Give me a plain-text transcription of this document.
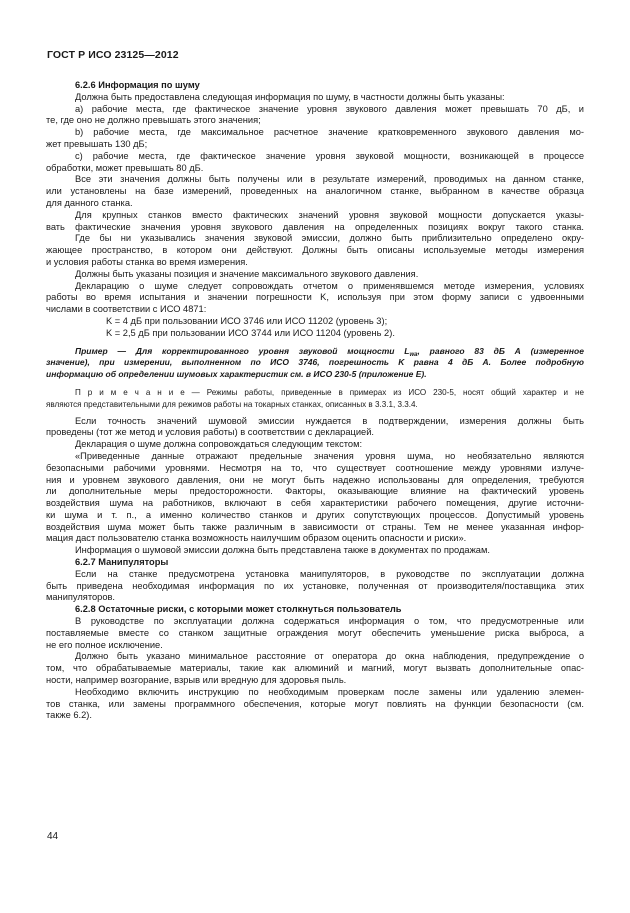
ГОСТ Р ИСО 23125—2012
6.2.6 Информация по шуму
Должна быть предоставлена следующая информация по шуму, в частности должны быть указаны:
a) рабочие места, где фактическое значение уровня звукового давления может превышать 70 дБ, и
те, где оно не должно превышать этого значения;
b) рабочие места, где максимальное расчетное значение кратковременного звукового давления мо-
жет превышать 130 дБ;
c) рабочие места, где фактическое значение уровня звуковой мощности, возникающей в процессе
обработки, может превышать 80 дБ.
Все эти значения должны быть получены или в результате измерений, проводимых на данном станке,
или установлены на базе измерений, проведенных на аналогичном станке, выбранном в качестве образца
для данного станка.
Для крупных станков вместо фактических значений уровня звуковой мощности допускается указы-
вать фактические значения уровня звукового давления на определенных позициях вокруг такого станка.
Где бы ни указывались значения звуковой эмиссии, должно быть приблизительно определено окру-
жающее пространство, в котором они действуют. Должны быть описаны используемые методы измерения
и условия работы станка во время измерения.
Должны быть указаны позиция и значение максимального звукового давления.
Декларацию о шуме следует сопровождать отчетом о применявшемся методе измерения, условиях
работы во время испытания и значении погрешности K, используя при этом форму записи с удвоенными
числами в соответствии с ИСО 4871:
K = 4 дБ при пользовании ИСО 3746 или ИСО 11202 (уровень 3);
K = 2,5 дБ при пользовании ИСО 3744 или ИСО 11204 (уровень 2).
Пример — Для корректированного уровня звуковой мощности $L_{wa}$, равного 83 дБ А (измеренное
значение), при измерении, выполненном по ИСО 3746, погрешность K равна 4 дБ А. Более подробную
информацию об определении шумовых характеристик см. в ИСО 230-5 (приложение E).
П р и м е ч а н и е — Режимы работы, приведенные в примерах из ИСО 230-5, носят общий характер и не
являются представительными для режимов работы на токарных станках, описанных в 3.3.1, 3.3.4.
Если точность значений шумовой эмиссии нуждается в подтверждении, измерения должны быть
проведены (тот же метод и условия работы) в соответствии с декларацией.
Декларация о шуме должна сопровождаться следующим текстом:
«Приведенные данные отражают предельные значения уровня шума, но необязательно являются
безопасными рабочими уровнями. Несмотря на то, что существует соотношение между уровнями излуче-
ния и уровнем звукового давления, они не могут быть надежно использованы для определения, требуются
ли дополнительные меры предосторожности. Факторы, оказывающие влияние на фактический уровень
воздействия шума на работников, включают в себя характеристики рабочего помещения, другие источни-
ки шума и т. п., а именно количество станков и других сопутствующих процессов. Допустимый уровень
воздействия шума может быть также различным в зависимости от страны. Тем не менее указанная инфор-
мация даст пользователю станка возможность наилучшим образом оценить опасности и риски».
Информация о шумовой эмиссии должна быть представлена также в документах по продажам.
6.2.7 Манипуляторы
Если на станке предусмотрена установка манипуляторов, в руководстве по эксплуатации должна
быть приведена необходимая информация по их установке, полученная от производителя/поставщика этих
манипуляторов.
6.2.8 Остаточные риски, с которыми может столкнуться пользователь
В руководстве по эксплуатации должна содержаться информация о том, что предусмотренные или
поставляемые вместе со станком защитные ограждения могут обеспечить уменьшение риска выброса, а
не его полное исключение.
Должно быть указано минимальное расстояние от оператора до окна наблюдения, предупреждение о
том, что обрабатываемые материалы, такие как алюминий и магний, могут вызвать дополнительные опас-
ности, например возгорание, взрыв или вредную для здоровья пыль.
Необходимо включить инструкцию по необходимым проверкам после замены или удалению элемен-
тов станка, или замены программного обеспечения, которые могут повлиять на функции безопасности (см.
также 6.2).
44
